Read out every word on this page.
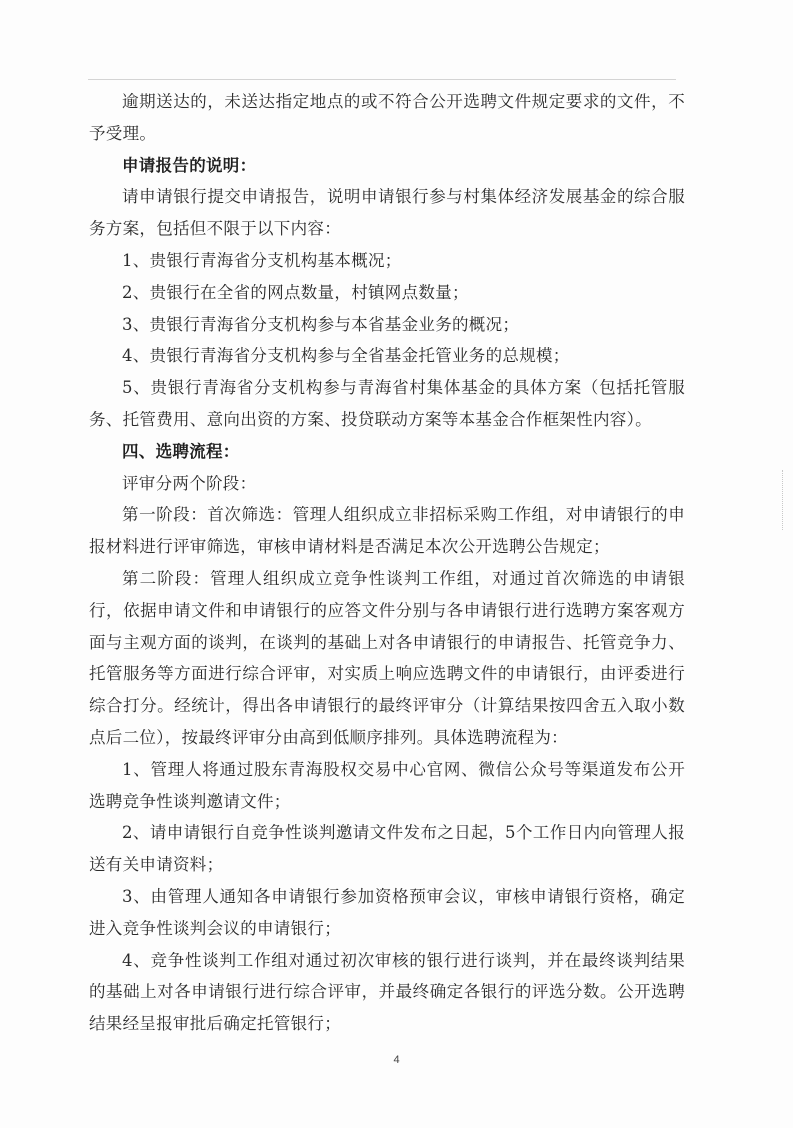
逾期送达的，未送达指定地点的或不符合公开选聘文件规定要求的文件，不予受理。

申请报告的说明：

请申请银行提交申请报告，说明申请银行参与村集体经济发展基金的综合服务方案，包括但不限于以下内容：

1、贵银行青海省分支机构基本概况；

2、贵银行在全省的网点数量，村镇网点数量；

3、贵银行青海省分支机构参与本省基金业务的概况；

4、贵银行青海省分支机构参与全省基金托管业务的总规模；

5、贵银行青海省分支机构参与青海省村集体基金的具体方案（包括托管服务、托管费用、意向出资的方案、投贷联动方案等本基金合作框架性内容）。

四、选聘流程：

评审分两个阶段：

第一阶段：首次筛选：管理人组织成立非招标采购工作组，对申请银行的申报材料进行评审筛选，审核申请材料是否满足本次公开选聘公告规定；

第二阶段：管理人组织成立竞争性谈判工作组，对通过首次筛选的申请银行，依据申请文件和申请银行的应答文件分别与各申请银行进行选聘方案客观方面与主观方面的谈判，在谈判的基础上对各申请银行的申请报告、托管竞争力、托管服务等方面进行综合评审，对实质上响应选聘文件的申请银行，由评委进行综合打分。经统计，得出各申请银行的最终评审分（计算结果按四舍五入取小数点后二位），按最终评审分由高到低顺序排列。具体选聘流程为：

1、管理人将通过股东青海股权交易中心官网、微信公众号等渠道发布公开选聘竞争性谈判邀请文件；

2、请申请银行自竞争性谈判邀请文件发布之日起，5个工作日内向管理人报送有关申请资料；

3、由管理人通知各申请银行参加资格预审会议，审核申请银行资格，确定进入竞争性谈判会议的申请银行；

4、竞争性谈判工作组对通过初次审核的银行进行谈判，并在最终谈判结果的基础上对各申请银行进行综合评审，并最终确定各银行的评选分数。公开选聘结果经呈报审批后确定托管银行；

4
